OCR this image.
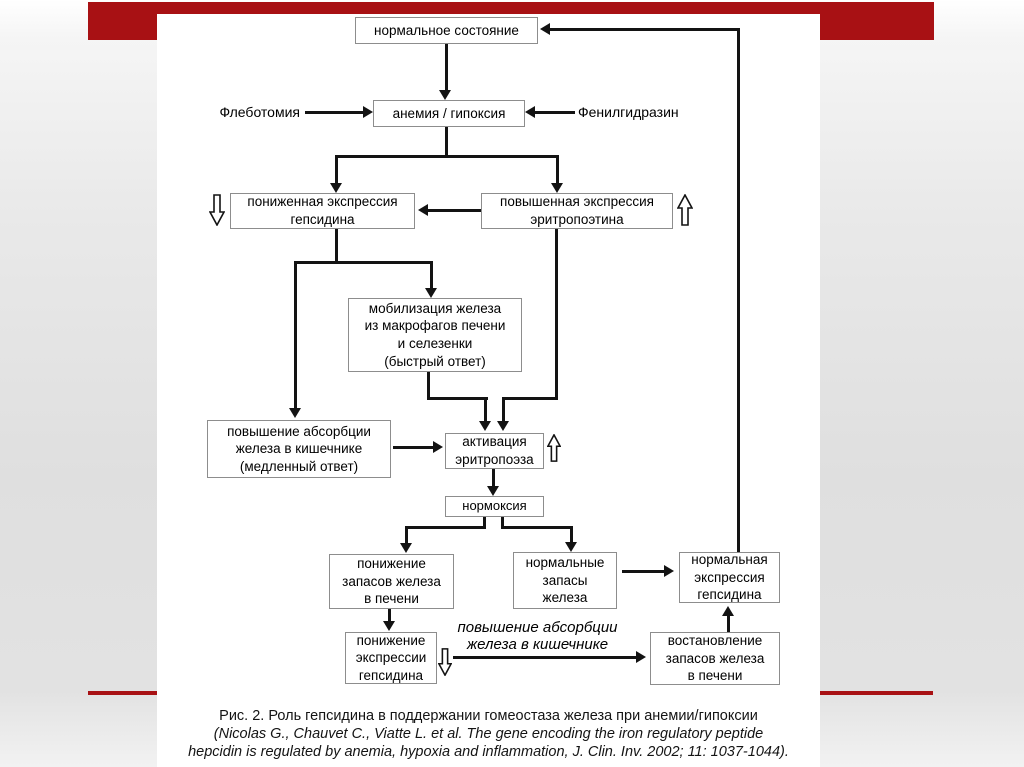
нормальное состояние
анемия / гипоксия
пониженная экспрессия
гепсидина
повышенная экспрессия
эритропоэтина
мобилизация железа
из макрофагов печени
и селезенки
(быстрый ответ)
повышение абсорбции
железа в кишечнике
(медленный ответ)
активация
эритропоэза
нормоксия
понижение
запасов железа
в печени
нормальные
запасы
железа
нормальная
экспрессия
гепсидина
понижение
экспрессии
гепсидина
востановление
запасов железа
в печени
Флеботомия	Фенилгидразин
повышение абсорбции
железа в кишечнике
Рис. 2. Роль гепсидина в поддержании гомеостаза железа при анемии/гипоксии
(Nicolas G., Chauvet C., Viatte L. et al. The gene encoding the iron regulatory peptide
hepcidin is regulated by anemia, hypoxia and inflammation, J. Clin. Inv. 2002; 11: 1037-1044).
